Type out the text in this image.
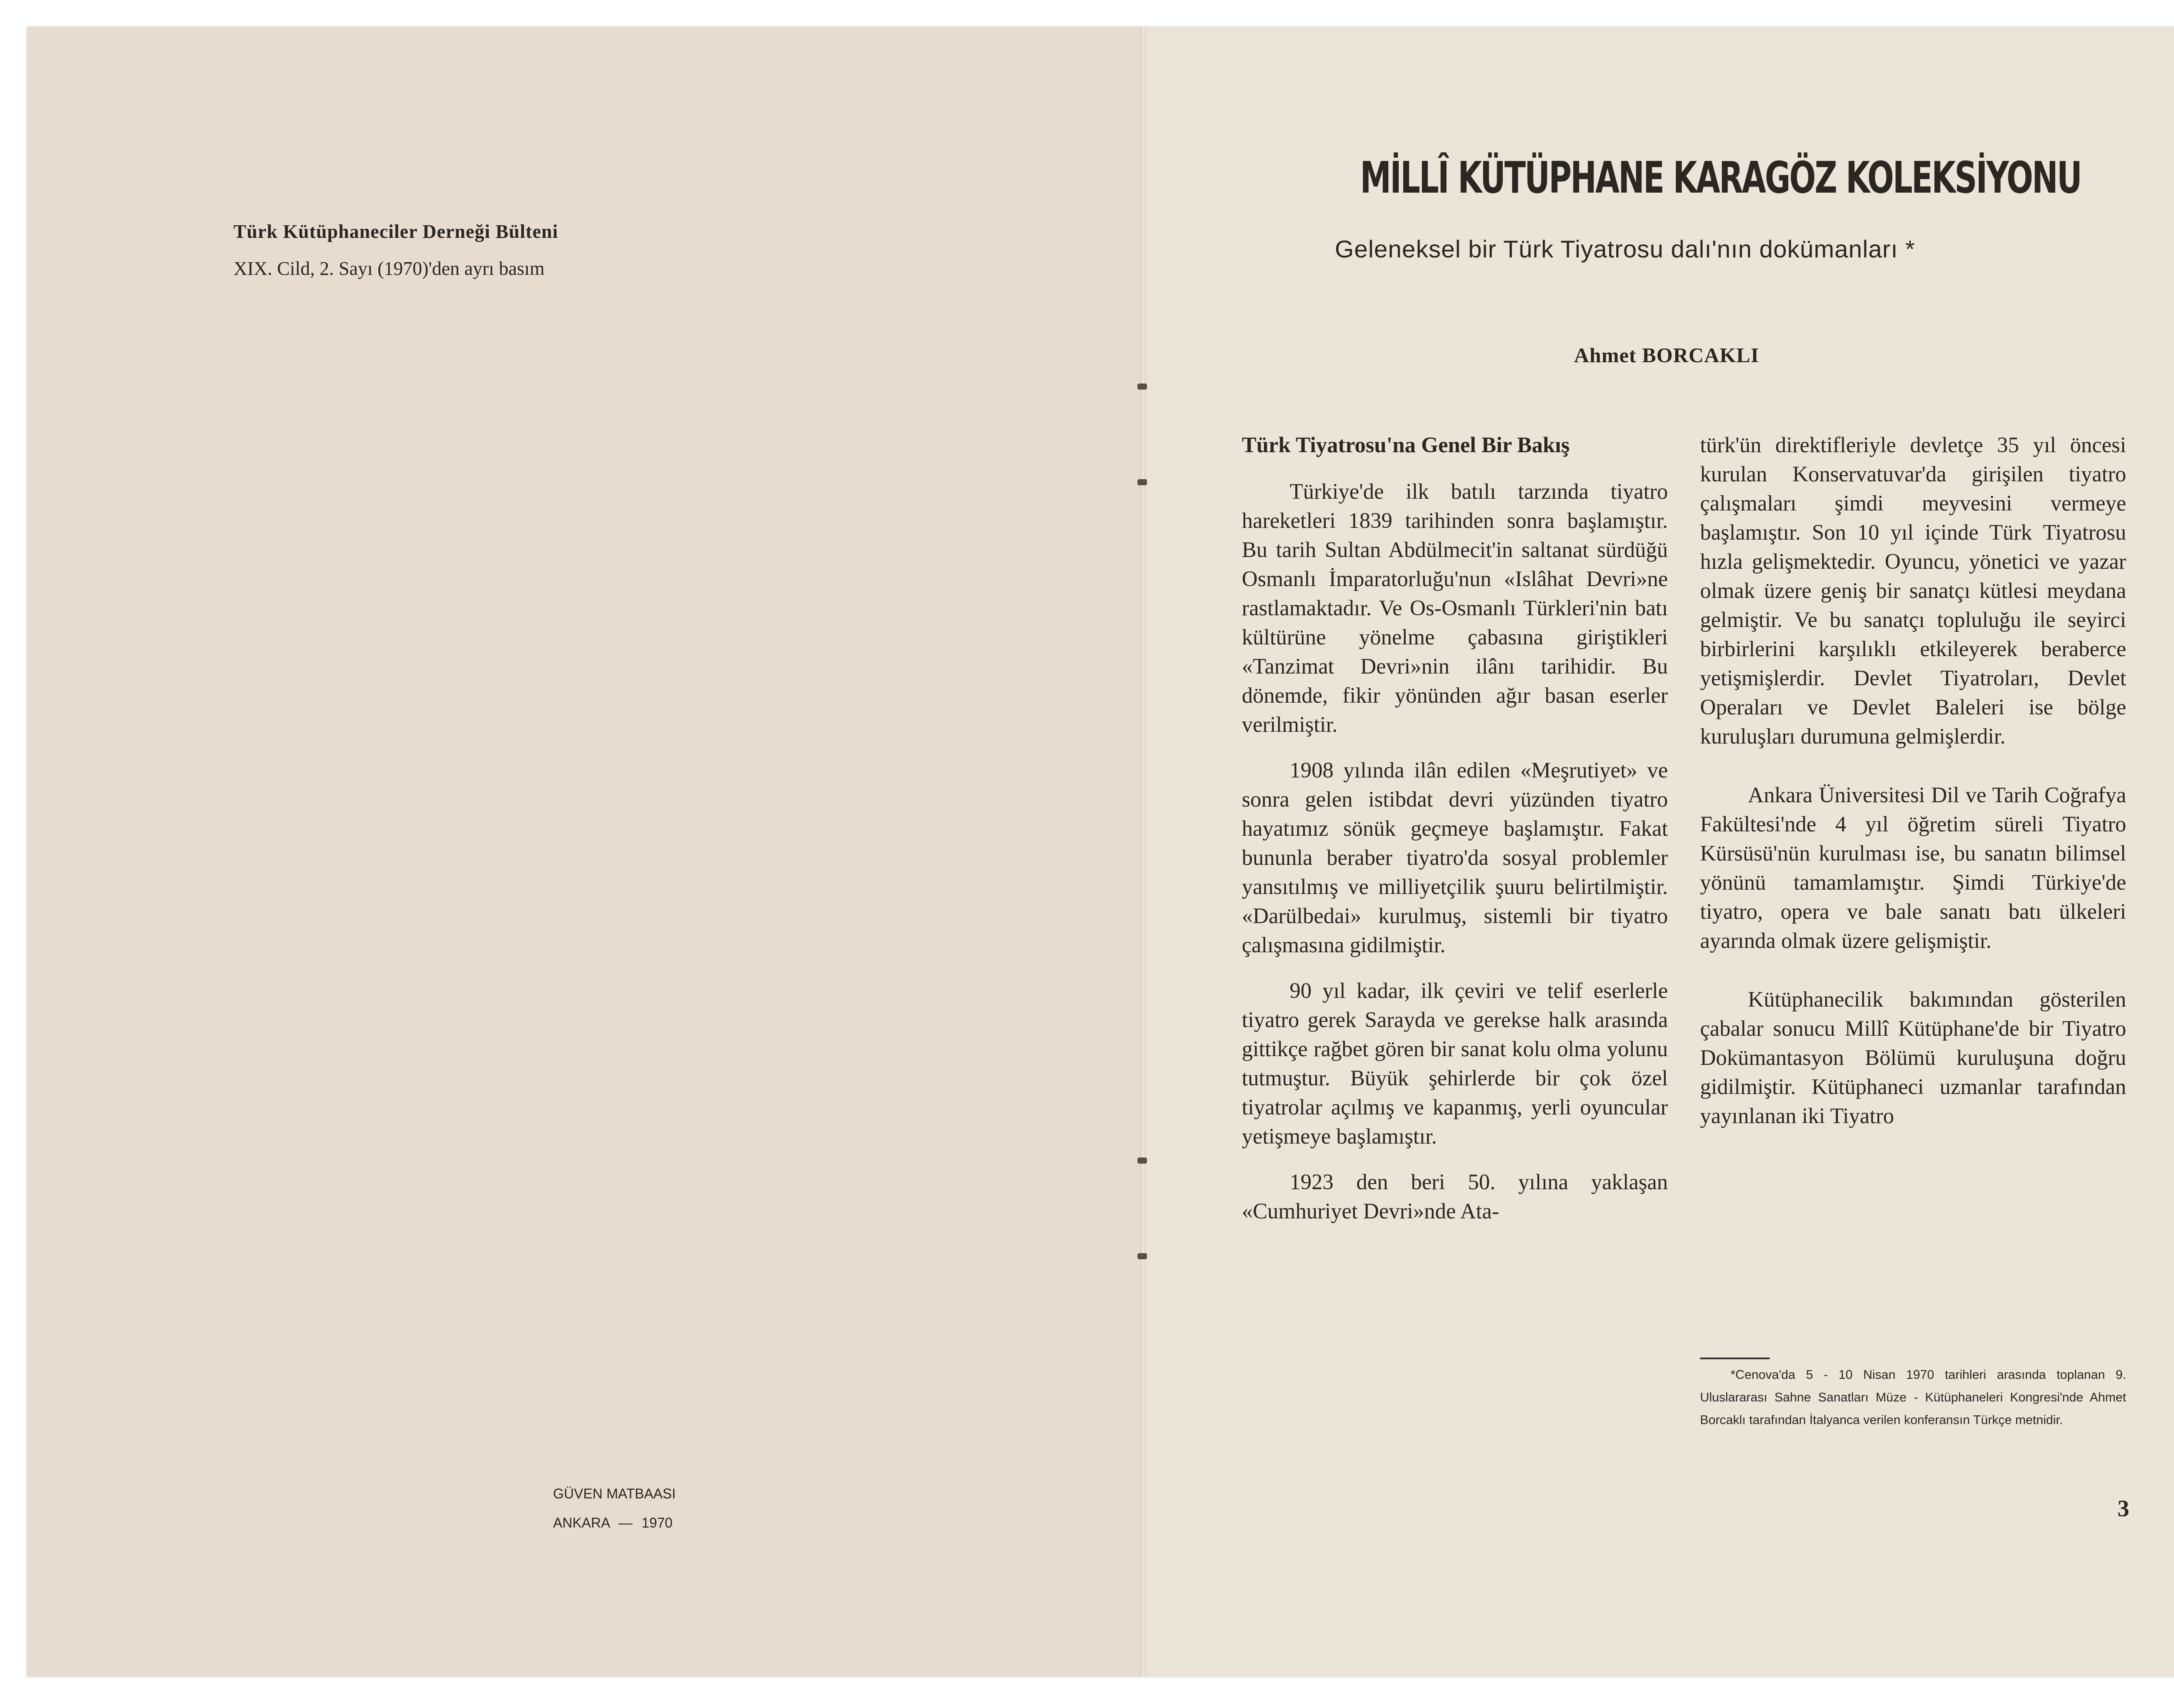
Türk Kütüphaneciler Derneği Bülteni
XIX. Cild, 2. Sayı (1970)'den ayrı basım
GÜVEN MATBAASI
ANKARA — 1970
MİLLÎ KÜTÜPHANE KARAGÖZ KOLEKSİYONU
Geleneksel bir Türk Tiyatrosu dalı'nın dokümanları *
Ahmet BORCAKLI

Türk Tiyatrosu'na Genel Bir Bakış

Türkiye'de ilk batılı tarzında tiyatro hareketleri 1839 tarihinden sonra başlamıştır. Bu tarih Sultan Abdülmecit'in saltanat sürdüğü Osmanlı İmparatorluğu'nun «Islâhat Devri»ne rastlamaktadır. Ve Os-Osmanlı Türkleri'nin batı kültürüne yönelme çabasına giriştikleri «Tanzimat Devri»nin ilânı tarihidir. Bu dönemde, fikir yönünden ağır basan eserler verilmiştir.

1908 yılında ilân edilen «Meşrutiyet» ve sonra gelen istibdat devri yüzünden tiyatro hayatımız sönük geçmeye başlamıştır. Fakat bununla beraber tiyatro'da sosyal problemler yansıtılmış ve milliyetçilik şuuru belirtilmiştir. «Darülbedai» kurulmuş, sistemli bir tiyatro çalışmasına gidilmiştir.

90 yıl kadar, ilk çeviri ve telif eserlerle tiyatro gerek Sarayda ve gerekse halk arasında gittikçe rağbet gören bir sanat kolu olma yolunu tutmuştur. Büyük şehirlerde bir çok özel tiyatrolar açılmış ve kapanmış, yerli oyuncular yetişmeye başlamıştır.

1923 den beri 50. yılına yaklaşan «Cumhuriyet Devri»nde Ata-

türk'ün direktifleriyle devletçe 35 yıl öncesi kurulan Konservatuvar'da girişilen tiyatro çalışmaları şimdi meyvesini vermeye başlamıştır. Son 10 yıl içinde Türk Tiyatrosu hızla gelişmektedir. Oyuncu, yönetici ve yazar olmak üzere geniş bir sanatçı kütlesi meydana gelmiştir. Ve bu sanatçı topluluğu ile seyirci birbirlerini karşılıklı etkileyerek beraberce yetişmişlerdir. Devlet Tiyatroları, Devlet Operaları ve Devlet Baleleri ise bölge kuruluşları durumuna gelmişlerdir.

Ankara Üniversitesi Dil ve Tarih Coğrafya Fakültesi'nde 4 yıl öğretim süreli Tiyatro Kürsüsü'nün kurulması ise, bu sanatın bilimsel yönünü tamamlamıştır. Şimdi Türkiye'de tiyatro, opera ve bale sanatı batı ülkeleri ayarında olmak üzere gelişmiştir.

Kütüphanecilik bakımından gösterilen çabalar sonucu Millî Kütüphane'de bir Tiyatro Dokümantasyon Bölümü kuruluşuna doğru gidilmiştir. Kütüphaneci uzmanlar tarafından yayınlanan iki Tiyatro

*Cenova'da 5 - 10 Nisan 1970 tarihleri arasında toplanan 9. Uluslararası Sahne Sanatları Müze - Kütüphaneleri Kongresi'nde Ahmet Borcaklı tarafından İtalyanca verilen konferansın Türkçe metnidir.
3
